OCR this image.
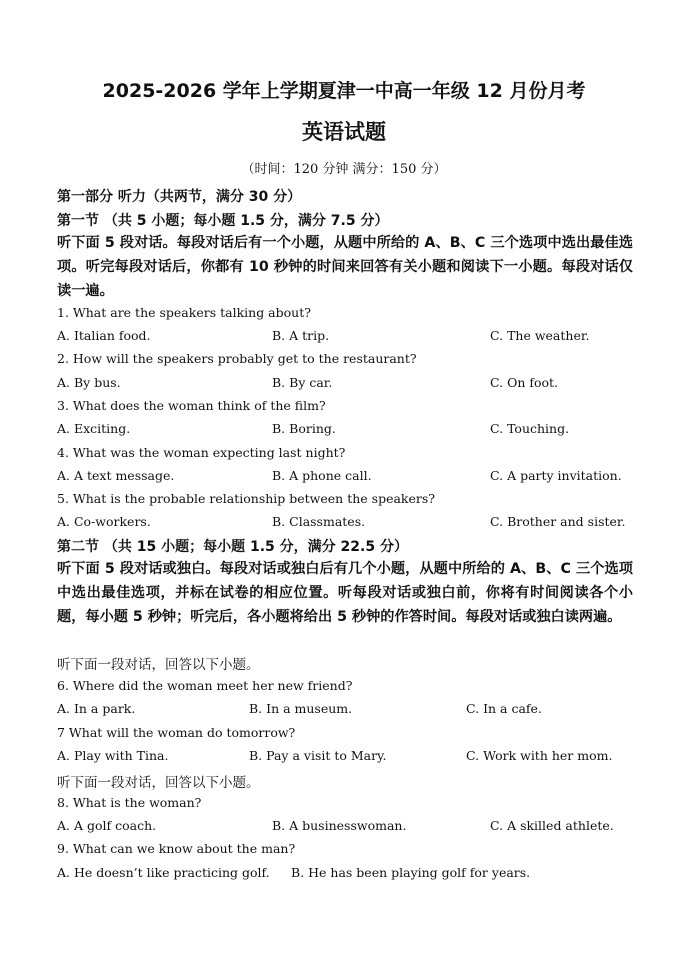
2025-2026 学年上学期夏津一中高一年级 12 月份月考
英语试题
（时间：120 分钟 满分：150 分）
第一部分 听力（共两节，满分 30 分）
第一节 （共 5 小题；每小题 1.5 分，满分 7.5 分）
听下面 5 段对话。每段对话后有一个小题，从题中所给的 A、B、C 三个选项中选出最佳选项。听完每段对话后，你都有 10 秒钟的时间来回答有关小题和阅读下一小题。每段对话仅读一遍。
1. What are the speakers talking about?
A. Italian food.	B. A trip.	C. The weather.
2. How will the speakers probably get to the restaurant?
A. By bus.	B. By car.	C. On foot.
3. What does the woman think of the film?
A. Exciting.	B. Boring.	C. Touching.
4. What was the woman expecting last night?
A. A text message.	B. A phone call.	C. A party invitation.
5. What is the probable relationship between the speakers?
A. Co-workers.	B. Classmates.	C. Brother and sister.
第二节 （共 15 小题；每小题 1.5 分，满分 22.5 分）
听下面 5 段对话或独白。每段对话或独白后有几个小题，从题中所给的 A、B、C 三个选项中选出最佳选项，并标在试卷的相应位置。听每段对话或独白前，你将有时间阅读各个小题，每小题 5 秒钟；听完后，各小题将给出 5 秒钟的作答时间。每段对话或独白读两遍。
听下面一段对话，回答以下小题。
6. Where did the woman meet her new friend?
A. In a park.	B. In a museum.	C. In a cafe.
7 What will the woman do tomorrow?
A. Play with Tina.	B. Pay a visit to Mary.	C. Work with her mom.
听下面一段对话，回答以下小题。
8. What is the woman?
A. A golf coach.	B. A businesswoman.	C. A skilled athlete.
9. What can we know about the man?
A. He doesn’t like practicing golf. B. He has been playing golf for years.
